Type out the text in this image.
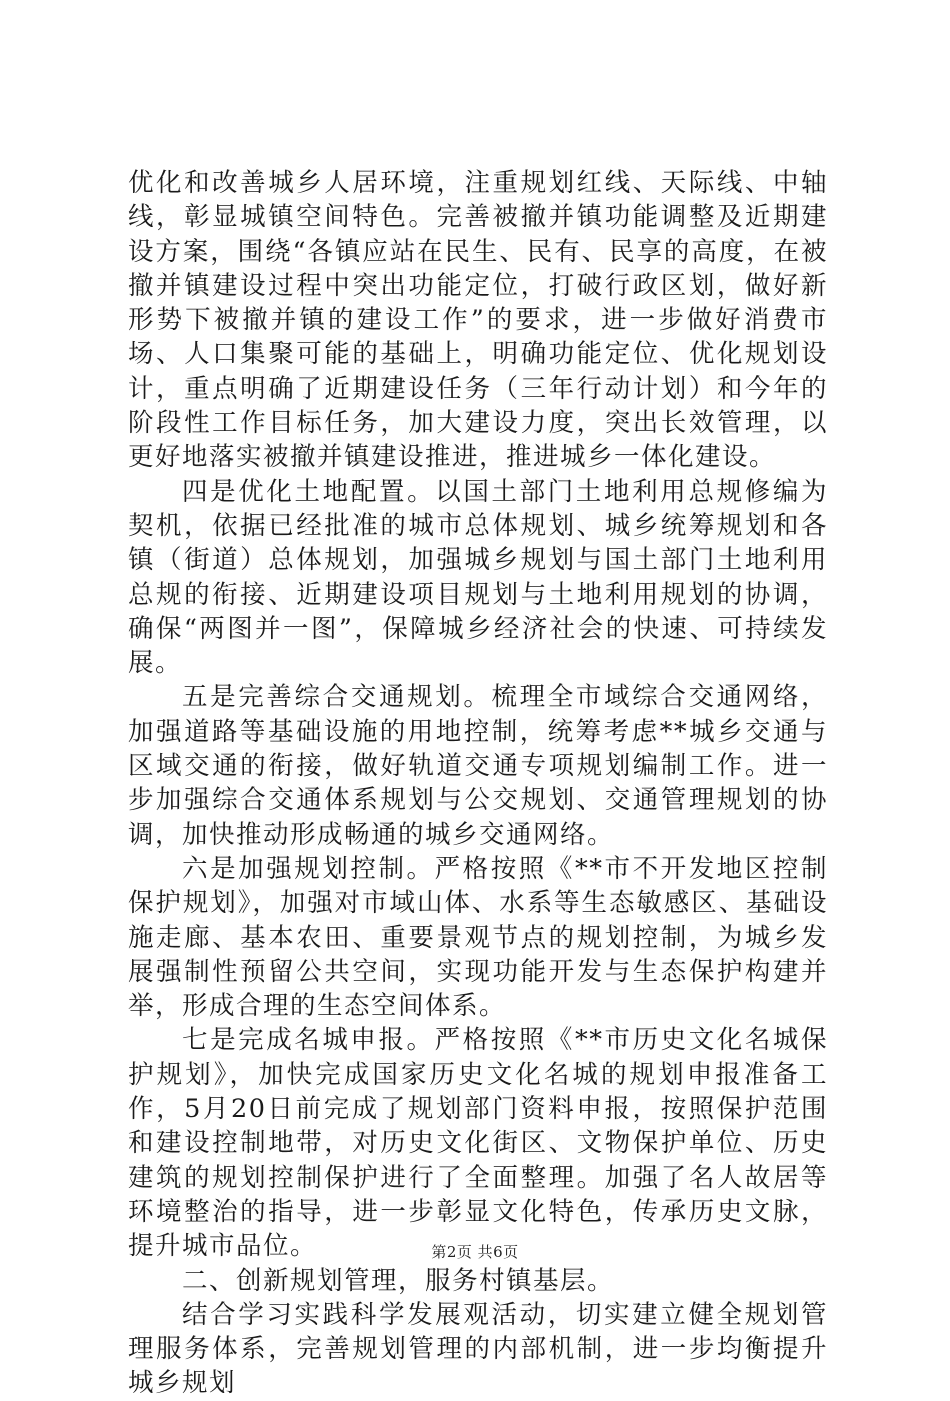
优化和改善城乡人居环境，注重规划红线、天际线、中轴线，彰显城镇空间特色。完善被撤并镇功能调整及近期建设方案，围绕“各镇应站在民生、民有、民享的高度，在被撤并镇建设过程中突出功能定位，打破行政区划，做好新形势下被撤并镇的建设工作”的要求，进一步做好消费市场、人口集聚可能的基础上，明确功能定位、优化规划设计，重点明确了近期建设任务（三年行动计划）和今年的阶段性工作目标任务，加大建设力度，突出长效管理，以更好地落实被撤并镇建设推进，推进城乡一体化建设。

四是优化土地配置。以国土部门土地利用总规修编为契机，依据已经批准的城市总体规划、城乡统筹规划和各镇（街道）总体规划，加强城乡规划与国土部门土地利用总规的衔接、近期建设项目规划与土地利用规划的协调，确保“两图并一图”，保障城乡经济社会的快速、可持续发展。

五是完善综合交通规划。梳理全市域综合交通网络，加强道路等基础设施的用地控制，统筹考虑**城乡交通与区域交通的衔接，做好轨道交通专项规划编制工作。进一步加强综合交通体系规划与公交规划、交通管理规划的协调，加快推动形成畅通的城乡交通网络。

六是加强规划控制。严格按照《**市不开发地区控制保护规划》，加强对市域山体、水系等生态敏感区、基础设施走廊、基本农田、重要景观节点的规划控制，为城乡发展强制性预留公共空间，实现功能开发与生态保护构建并举，形成合理的生态空间体系。

七是完成名城申报。严格按照《**市历史文化名城保护规划》，加快完成国家历史文化名城的规划申报准备工作，5月20日前完成了规划部门资料申报，按照保护范围和建设控制地带，对历史文化街区、文物保护单位、历史建筑的规划控制保护进行了全面整理。加强了名人故居等环境整治的指导，进一步彰显文化特色，传承历史文脉，提升城市品位。

二、创新规划管理，服务村镇基层。

结合学习实践科学发展观活动，切实建立健全规划管理服务体系，完善规划管理的内部机制，进一步均衡提升城乡规划

第2页 共6页
